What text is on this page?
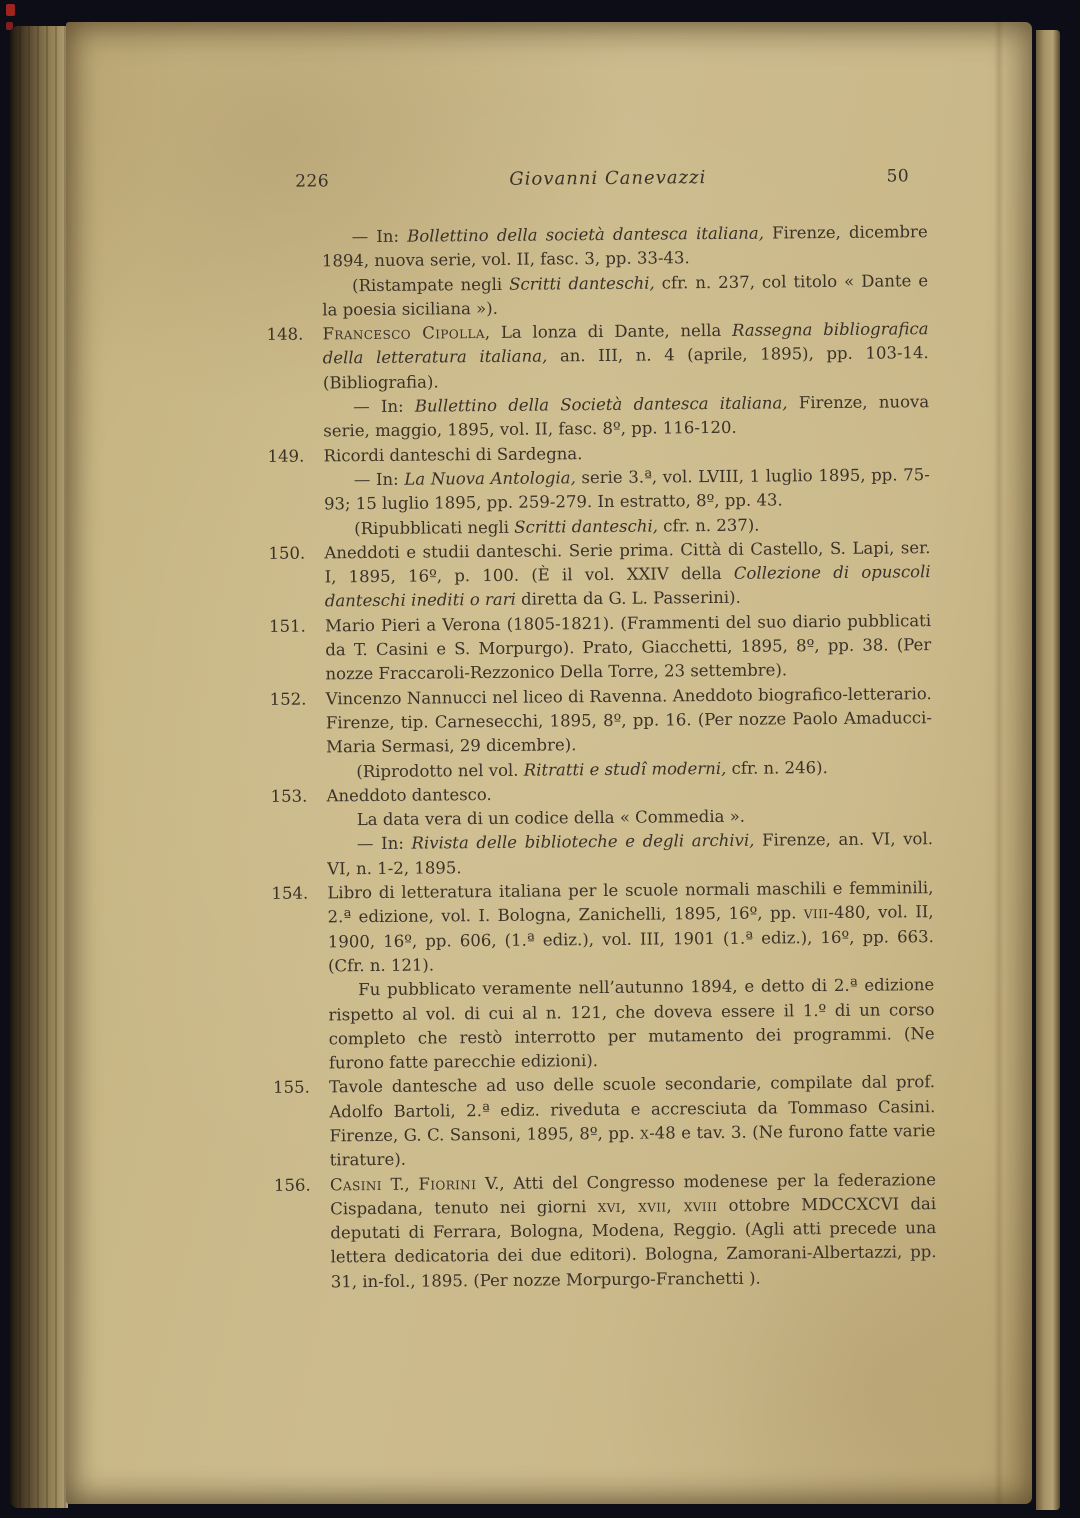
226	Giovanni Canevazzi	50

— In: Bollettino della società dantesca italiana, Firenze, dicembre 1894, nuova serie, vol. II, fasc. 3, pp. 33-43.

(Ristampate negli Scritti danteschi, cfr. n. 237, col titolo « Dante e la poesia siciliana »).

148. Francesco Cipolla, La lonza di Dante, nella Rassegna bibliografica della letteratura italiana, an. III, n. 4 (aprile, 1895), pp. 103-14. (Bibliografia).

— In: Bullettino della Società dantesca italiana, Firenze, nuova serie, maggio, 1895, vol. II, fasc. 8º, pp. 116-120.

149. Ricordi danteschi di Sardegna.

— In: La Nuova Antologia, serie 3.ª, vol. LVIII, 1 luglio 1895, pp. 75-93; 15 luglio 1895, pp. 259-279. In estratto, 8º, pp. 43.

(Ripubblicati negli Scritti danteschi, cfr. n. 237).

150. Aneddoti e studii danteschi. Serie prima. Città di Castello, S. Lapi, ser. I, 1895, 16º, p. 100. (È il vol. XXIV della Collezione di opuscoli danteschi inediti o rari diretta da G. L. Passerini).

151. Mario Pieri a Verona (1805-1821). (Frammenti del suo diario pubblicati da T. Casini e S. Morpurgo). Prato, Giacchetti, 1895, 8º, pp. 38. (Per nozze Fraccaroli-Rezzonico Della Torre, 23 settembre).

152. Vincenzo Nannucci nel liceo di Ravenna. Aneddoto biografico-letterario. Firenze, tip. Carnesecchi, 1895, 8º, pp. 16. (Per nozze Paolo Amaducci-Maria Sermasi, 29 dicembre).

(Riprodotto nel vol. Ritratti e studî moderni, cfr. n. 246).

153. Aneddoto dantesco.

La data vera di un codice della « Commedia ».

— In: Rivista delle biblioteche e degli archivi, Firenze, an. VI, vol. VI, n. 1-2, 1895.

154. Libro di letteratura italiana per le scuole normali maschili e femminili, 2.ª edizione, vol. I. Bologna, Zanichelli, 1895, 16º, pp. viii-480, vol. II, 1900, 16º, pp. 606, (1.ª ediz.), vol. III, 1901 (1.ª ediz.), 16º, pp. 663. (Cfr. n. 121).

Fu pubblicato veramente nell’autunno 1894, e detto di 2.ª edizione rispetto al vol. di cui al n. 121, che doveva essere il 1.º di un corso completo che restò interrotto per mutamento dei programmi. (Ne furono fatte parecchie edizioni).

155. Tavole dantesche ad uso delle scuole secondarie, compilate dal prof. Adolfo Bartoli, 2.ª ediz. riveduta e accresciuta da Tommaso Casini. Firenze, G. C. Sansoni, 1895, 8º, pp. x-48 e tav. 3. (Ne furono fatte varie tirature).

156. Casini T., Fiorini V., Atti del Congresso modenese per la federazione Cispadana, tenuto nei giorni xvi, xvii, xviii ottobre MDCCXCVI dai deputati di Ferrara, Bologna, Modena, Reggio. (Agli atti precede una lettera dedicatoria dei due editori). Bologna, Zamorani-Albertazzi, pp. 31, in-fol., 1895. (Per nozze Morpurgo-Franchetti ).
